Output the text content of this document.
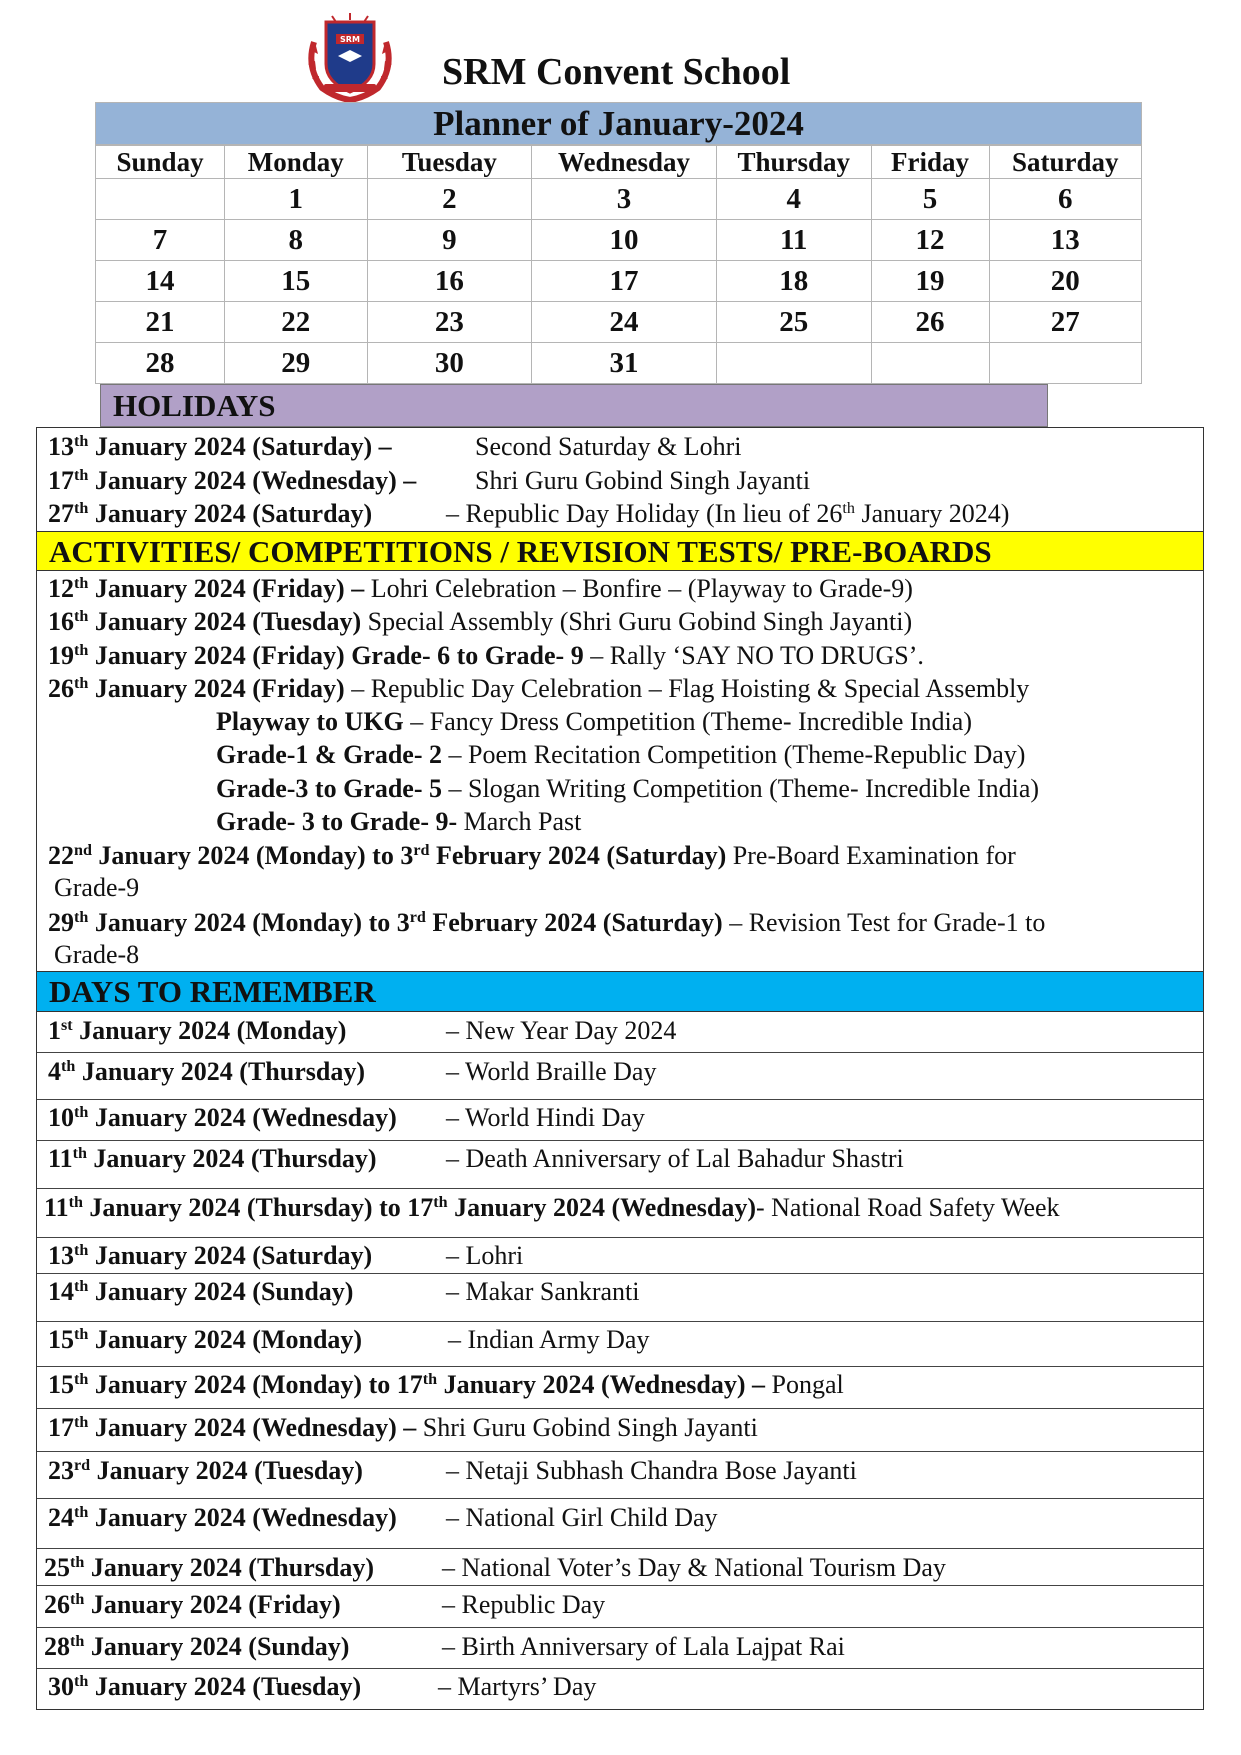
SRM
SRM Convent School
Planner of January-2024
Sunday	Monday	Tuesday	Wednesday	Thursday	Friday	Saturday
	1	2	3	4	5	6
7	8	9	10	11	12	13
14	15	16	17	18	19	20
21	22	23	24	25	26	27
28	29	30	31			
HOLIDAYS
13th January 2024 (Saturday) –	Second Saturday & Lohri
17th January 2024 (Wednesday) – Shri Guru Gobind Singh Jayanti
27th January 2024 (Saturday)	– Republic Day Holiday (In lieu of 26th January 2024)
ACTIVITIES/ COMPETITIONS / REVISION TESTS/ PRE-BOARDS
12th January 2024 (Friday) – Lohri Celebration – Bonfire – (Playway to Grade-9)
16th January 2024 (Tuesday) Special Assembly (Shri Guru Gobind Singh Jayanti)
19th January 2024 (Friday) Grade- 6 to Grade- 9 – Rally ‘SAY NO TO DRUGS’.
26th January 2024 (Friday) – Republic Day Celebration – Flag Hoisting & Special Assembly
Playway to UKG – Fancy Dress Competition (Theme- Incredible India)
Grade-1 & Grade- 2 – Poem Recitation Competition (Theme-Republic Day)
Grade-3 to Grade- 5 – Slogan Writing Competition (Theme- Incredible India)
Grade- 3 to Grade- 9- March Past
22nd January 2024 (Monday) to 3rd February 2024 (Saturday) Pre-Board Examination for
Grade-9
29th January 2024 (Monday) to 3rd February 2024 (Saturday) – Revision Test for Grade-1 to
Grade-8
DAYS TO REMEMBER
1st January 2024 (Monday)	– New Year Day 2024
4th January 2024 (Thursday)	– World Braille Day
10th January 2024 (Wednesday) – World Hindi Day
11th January 2024 (Thursday)	– Death Anniversary of Lal Bahadur Shastri
11th January 2024 (Thursday) to 17th January 2024 (Wednesday)- National Road Safety Week
13th January 2024 (Saturday)	– Lohri
14th January 2024 (Sunday)	– Makar Sankranti
15th January 2024 (Monday)	– Indian Army Day
15th January 2024 (Monday) to 17th January 2024 (Wednesday) – Pongal
17th January 2024 (Wednesday) – Shri Guru Gobind Singh Jayanti
23rd January 2024 (Tuesday)	– Netaji Subhash Chandra Bose Jayanti
24th January 2024 (Wednesday) – National Girl Child Day
25th January 2024 (Thursday)	– National Voter’s Day & National Tourism Day
26th January 2024 (Friday)	– Republic Day
28th January 2024 (Sunday)	– Birth Anniversary of Lala Lajpat Rai
30th January 2024 (Tuesday)	– Martyrs’ Day
